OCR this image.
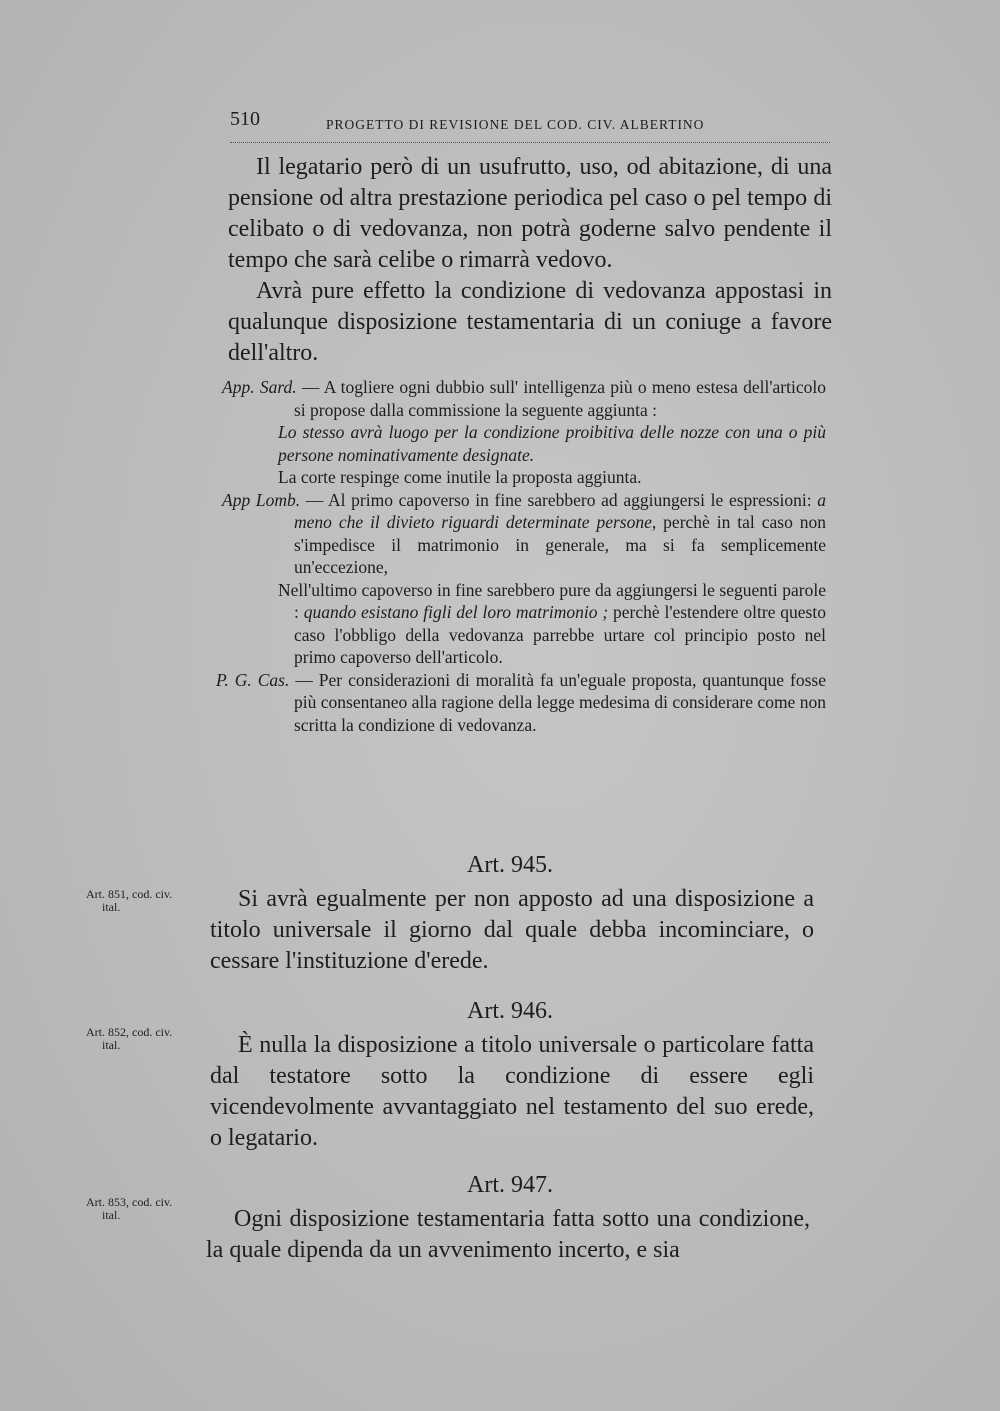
510	PROGETTO DI REVISIONE DEL COD. CIV. ALBERTINO

Il legatario però di un usufrutto, uso, od abitazione, di una pensione od altra prestazione periodica pel caso o pel tempo di celibato o di vedovanza, non potrà goderne salvo pendente il tempo che sarà celibe o rimarrà vedovo.

Avrà pure effetto la condizione di vedovanza appostasi in qualunque disposizione testamentaria di un coniuge a favore dell'altro.

App. Sard. — A togliere ogni dubbio sull' intelligenza più o meno estesa dell'articolo si propose dalla commissione la seguente aggiunta :

Lo stesso avrà luogo per la condizione proibitiva delle nozze con una o più persone nominativamente designate.

La corte respinge come inutile la proposta aggiunta.

App Lomb. — Al primo capoverso in fine sarebbero ad aggiungersi le espressioni: a meno che il divieto riguardi determinate persone, perchè in tal caso non s'impedisce il matrimonio in generale, ma si fa semplicemente un'eccezione,

Nell'ultimo capoverso in fine sarebbero pure da aggiungersi le seguenti parole : quando esistano figli del loro matrimonio ; perchè l'estendere oltre questo caso l'obbligo della vedovanza parrebbe urtare col principio posto nel primo capoverso dell'articolo.

P. G. Cas. — Per considerazioni di moralità fa un'eguale proposta, quantunque fosse più consentaneo alla ragione della legge medesima di considerare come non scritta la condizione di vedovanza.

Art. 945.
Art. 851, cod. civ.
ital.	Si avrà egualmente per non apposto ad una disposizione a titolo universale il giorno dal quale debba incominciare, o cessare l'instituzione d'erede.

Art. 946.
Art. 852, cod. civ.
ital.	È nulla la disposizione a titolo universale o particolare fatta dal testatore sotto la condizione di essere egli vicendevolmente avvantaggiato nel testamento del suo erede, o legatario.

Art. 947.
Art. 853, cod. civ.
ital.	Ogni disposizione testamentaria fatta sotto una condizione, la quale dipenda da un avvenimento incerto, e sia
